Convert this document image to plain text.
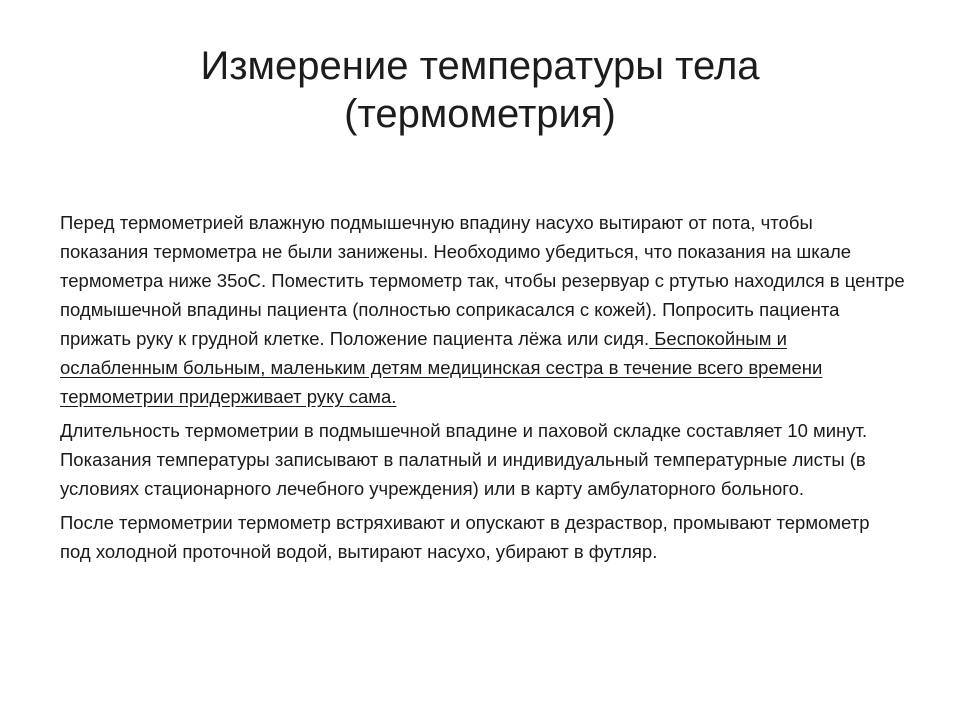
Измерение температуры тела
(термометрия)

Перед термометрией влажную подмышечную впадину насухо вытирают от пота, чтобы показания термометра не были занижены. Необходимо убедиться, что показания на шкале термометра ниже 35оС. Поместить термометр так, чтобы резервуар с ртутью находился в центре подмышечной впадины пациента (полностью соприкасался с кожей). Попросить пациента прижать руку к грудной клетке. Положение пациента лёжа или сидя. Беспокойным и ослабленным больным, маленьким детям медицинская сестра в течение всего времени термометрии придерживает руку сама.

Длительность термометрии в подмышечной впадине и паховой складке составляет 10 минут. Показания температуры записывают в палатный и индивидуальный температурные листы (в условиях стационарного лечебного учреждения) или в карту амбулаторного больного.

После термометрии термометр встряхивают и опускают в дезраствор, промывают термометр под холодной проточной водой, вытирают насухо, убирают в футляр.
